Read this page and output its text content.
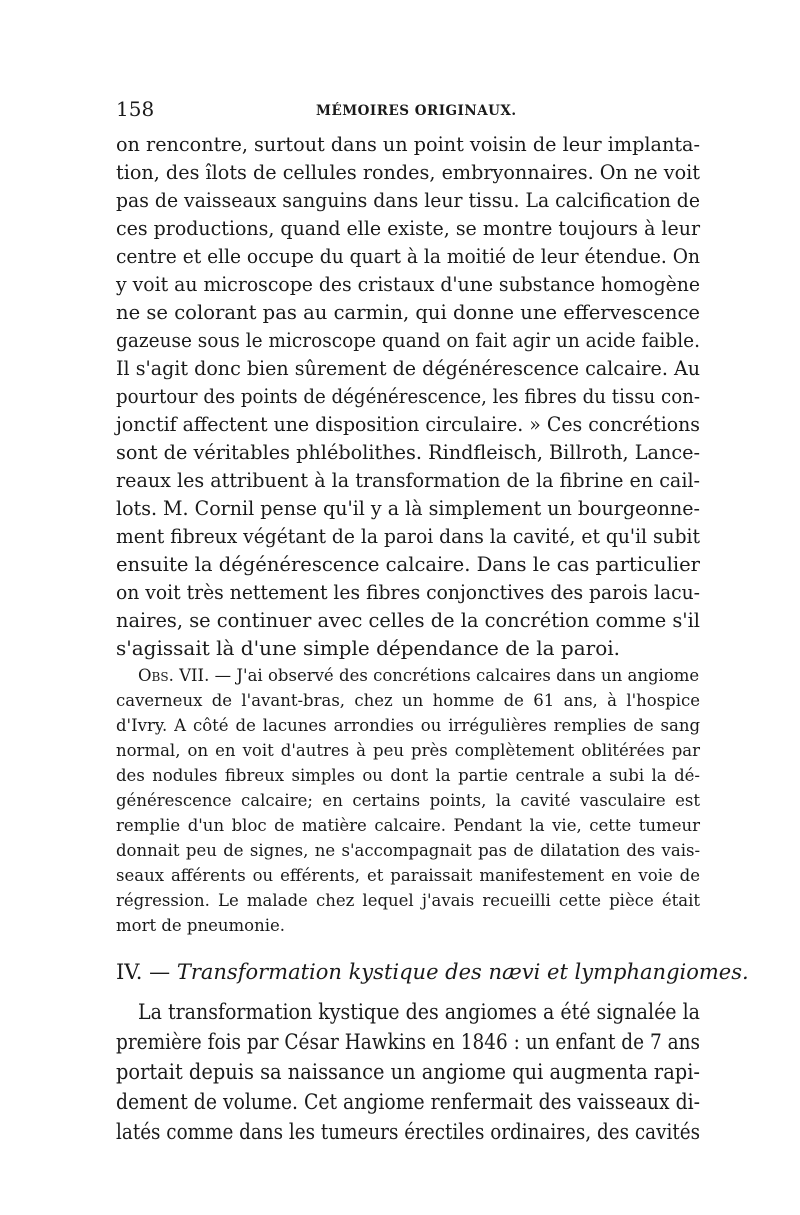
158	MÉMOIRES ORIGINAUX.
on rencontre, surtout dans un point voisin de leur implanta-
tion, des îlots de cellules rondes, embryonnaires. On ne voit
pas de vaisseaux sanguins dans leur tissu. La calcification de
ces productions, quand elle existe, se montre toujours à leur
centre et elle occupe du quart à la moitié de leur étendue. On
y voit au microscope des cristaux d'une substance homogène
ne se colorant pas au carmin, qui donne une effervescence
gazeuse sous le microscope quand on fait agir un acide faible.
Il s'agit donc bien sûrement de dégénérescence calcaire. Au
pourtour des points de dégénérescence, les fibres du tissu con-
jonctif affectent une disposition circulaire. » Ces concrétions
sont de véritables phlébolithes. Rindfleisch, Billroth, Lance-
reaux les attribuent à la transformation de la fibrine en cail-
lots. M. Cornil pense qu'il y a là simplement un bourgeonne-
ment fibreux végétant de la paroi dans la cavité, et qu'il subit
ensuite la dégénérescence calcaire. Dans le cas particulier
on voit très nettement les fibres conjonctives des parois lacu-
naires, se continuer avec celles de la concrétion comme s'il
s'agissait là d'une simple dépendance de la paroi.
Obs. VII. — J'ai observé des concrétions calcaires dans un angiome
caverneux de l'avant-bras, chez un homme de 61 ans, à l'hospice
d'Ivry. A côté de lacunes arrondies ou irrégulières remplies de sang
normal, on en voit d'autres à peu près complètement oblitérées par
des nodules fibreux simples ou dont la partie centrale a subi la dé-
générescence calcaire; en certains points, la cavité vasculaire est
remplie d'un bloc de matière calcaire. Pendant la vie, cette tumeur
donnait peu de signes, ne s'accompagnait pas de dilatation des vais-
seaux afférents ou efférents, et paraissait manifestement en voie de
régression. Le malade chez lequel j'avais recueilli cette pièce était
mort de pneumonie.
IV. — Transformation kystique des nævi et lymphangiomes.
La transformation kystique des angiomes a été signalée la
première fois par César Hawkins en 1846 : un enfant de 7 ans
portait depuis sa naissance un angiome qui augmenta rapi-
dement de volume. Cet angiome renfermait des vaisseaux di-
latés comme dans les tumeurs érectiles ordinaires, des cavités
